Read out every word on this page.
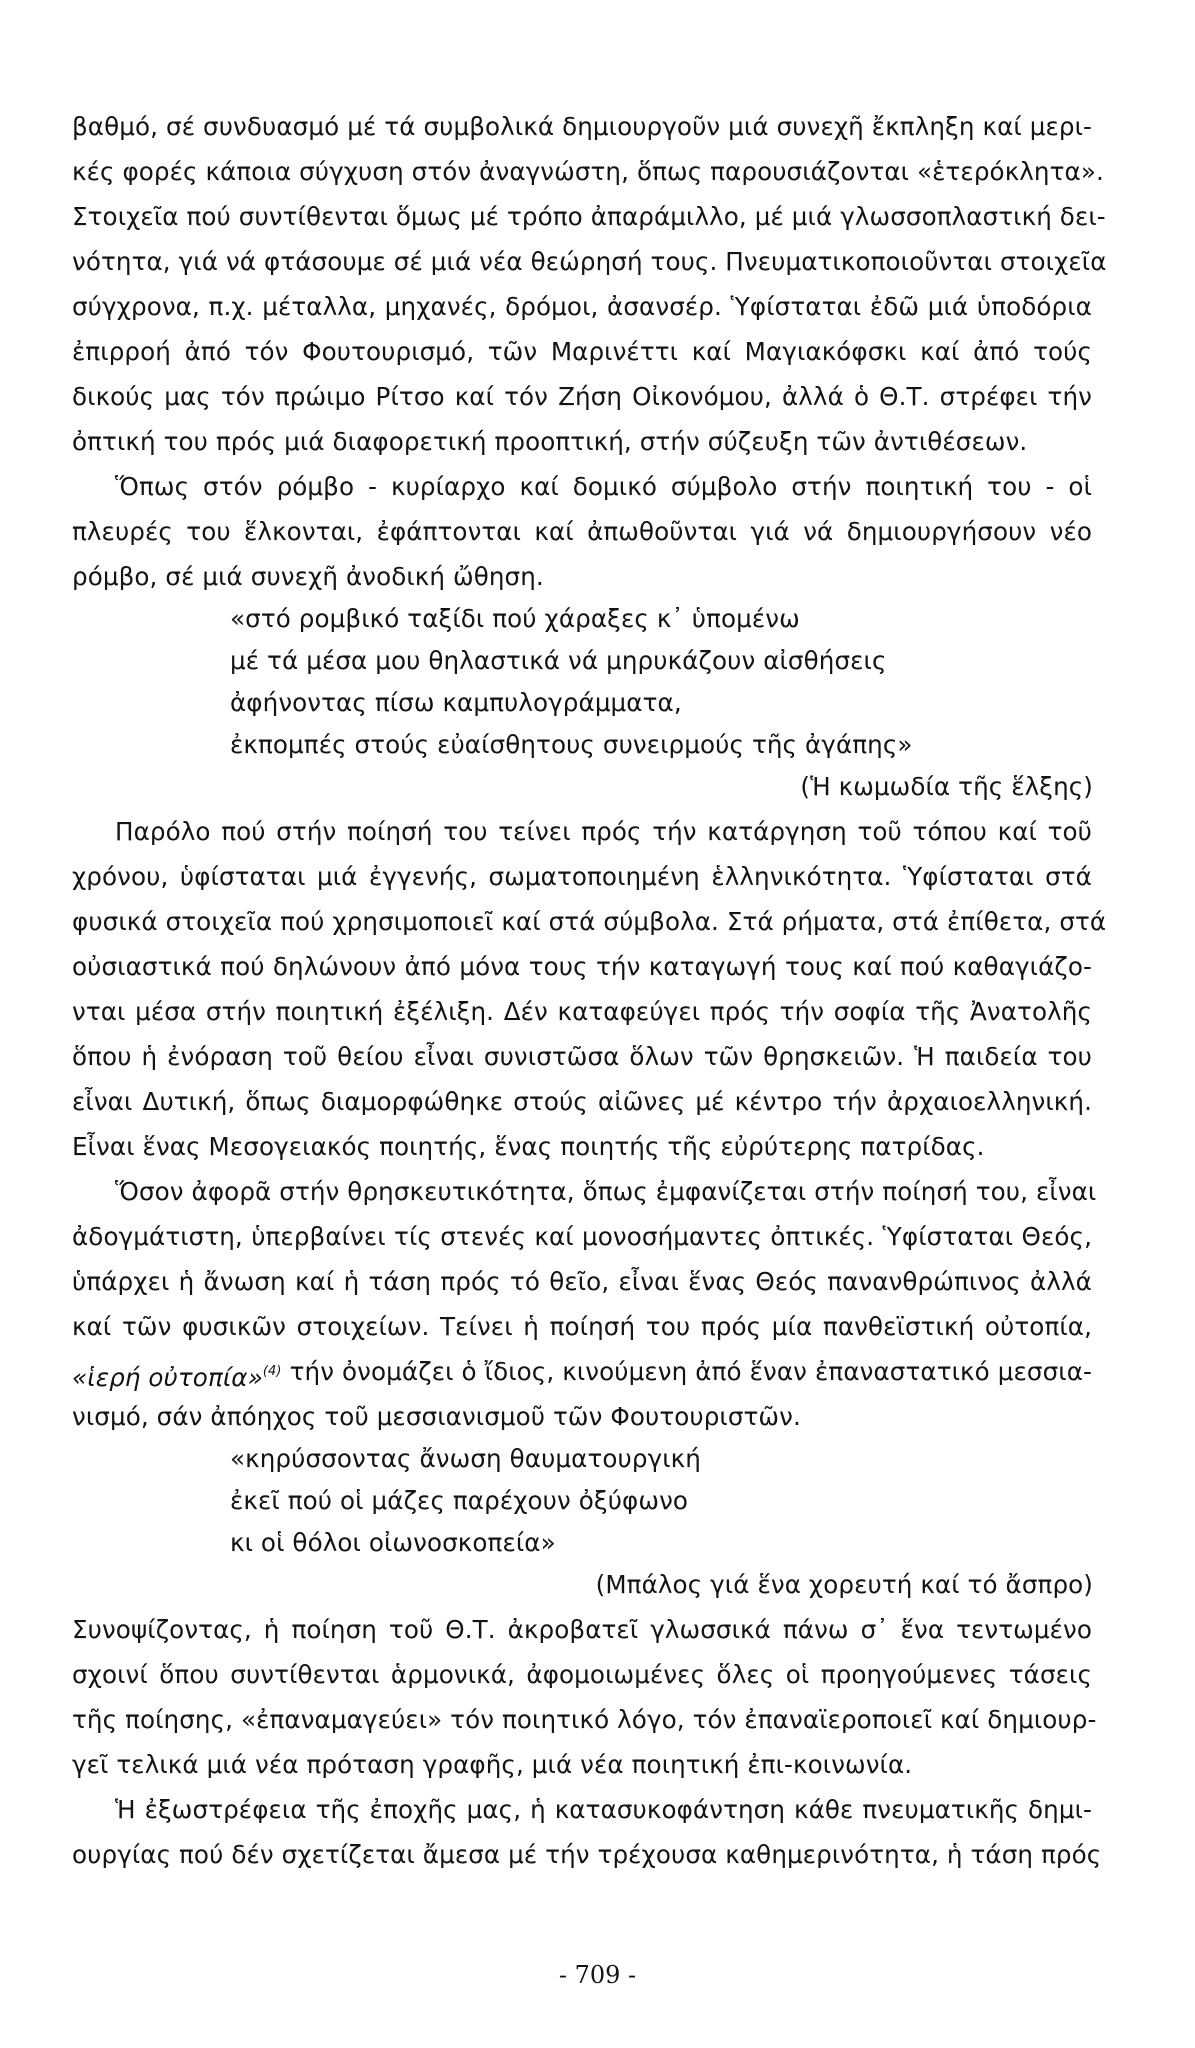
βαθμό, σέ συνδυασμό μέ τά συμβολικά δημιουργοῦν μιά συνεχῆ ἔκπληξη καί μερι-
κές φορές κάποια σύγχυση στόν ἀναγνώστη, ὅπως παρουσιάζονται «ἑτερόκλητα».
Στοιχεῖα πού συντίθενται ὅμως μέ τρόπο ἀπαράμιλλο, μέ μιά γλωσσοπλαστική δει-
νότητα, γιά νά φτάσουμε σέ μιά νέα θεώρησή τους. Πνευματικοποιοῦνται στοιχεῖα
σύγχρονα, π.χ. μέταλλα, μηχανές, δρόμοι, ἀσανσέρ. Ὑφίσταται ἐδῶ μιά ὑποδόρια
ἐπιρροή ἀπό τόν Φουτουρισμό, τῶν Μαρινέττι καί Μαγιακόφσκι καί ἀπό τούς
δικούς μας τόν πρώιμο Ρίτσο καί τόν Ζήση Οἰκονόμου, ἀλλά ὁ Θ.Τ. στρέφει τήν
ὀπτική του πρός μιά διαφορετική προοπτική, στήν σύζευξη τῶν ἀντιθέσεων.
Ὅπως στόν ρόμβο - κυρίαρχο καί δομικό σύμβολο στήν ποιητική του - οἱ
πλευρές του ἕλκονται, ἐφάπτονται καί ἀπωθοῦνται γιά νά δημιουργήσουν νέο
ρόμβο, σέ μιά συνεχῆ ἀνοδική ὤθηση.
«στό ρομβικό ταξίδι πού χάραξες κ᾽ ὑπομένω
μέ τά μέσα μου θηλαστικά νά μηρυκάζουν αἰσθήσεις
ἀφήνοντας πίσω καμπυλογράμματα,
ἐκπομπές στούς εὐαίσθητους συνειρμούς τῆς ἀγάπης»
(Ἡ κωμωδία τῆς ἕλξης)
Παρόλο πού στήν ποίησή του τείνει πρός τήν κατάργηση τοῦ τόπου καί τοῦ
χρόνου, ὑφίσταται μιά ἐγγενής, σωματοποιημένη ἑλληνικότητα. Ὑφίσταται στά
φυσικά στοιχεῖα πού χρησιμοποιεῖ καί στά σύμβολα. Στά ρήματα, στά ἐπίθετα, στά
οὐσιαστικά πού δηλώνουν ἀπό μόνα τους τήν καταγωγή τους καί πού καθαγιάζο-
νται μέσα στήν ποιητική ἐξέλιξη. Δέν καταφεύγει πρός τήν σοφία τῆς Ἀνατολῆς
ὅπου ἡ ἐνόραση τοῦ θείου εἶναι συνιστῶσα ὅλων τῶν θρησκειῶν. Ἡ παιδεία του
εἶναι Δυτική, ὅπως διαμορφώθηκε στούς αἰῶνες μέ κέντρο τήν ἀρχαιοελληνική.
Εἶναι ἕνας Μεσογειακός ποιητής, ἕνας ποιητής τῆς εὐρύτερης πατρίδας.
Ὅσον ἀφορᾶ στήν θρησκευτικότητα, ὅπως ἐμφανίζεται στήν ποίησή του, εἶναι
ἀδογμάτιστη, ὑπερβαίνει τίς στενές καί μονοσήμαντες ὀπτικές. Ὑφίσταται Θεός,
ὑπάρχει ἡ ἄνωση καί ἡ τάση πρός τό θεῖο, εἶναι ἕνας Θεός πανανθρώπινος ἀλλά
καί τῶν φυσικῶν στοιχείων. Τείνει ἡ ποίησή του πρός μία πανθεϊστική οὐτοπία,
«ἱερή οὐτοπία»$^{(4)}$ τήν ὀνομάζει ὁ ἴδιος, κινούμενη ἀπό ἕναν ἐπαναστατικό μεσσια-
νισμό, σάν ἀπόηχος τοῦ μεσσιανισμοῦ τῶν Φουτουριστῶν.
«κηρύσσοντας ἄνωση θαυματουργική
ἐκεῖ πού οἱ μάζες παρέχουν ὀξύφωνο
κι οἱ θόλοι οἰωνοσκοπεία»
(Μπάλος γιά ἕνα χορευτή καί τό ἄσπρο)
Συνοψίζοντας, ἡ ποίηση τοῦ Θ.Τ. ἀκροβατεῖ γλωσσικά πάνω σ᾽ ἕνα τεντωμένο
σχοινί ὅπου συντίθενται ἁρμονικά, ἀφομοιωμένες ὅλες οἱ προηγούμενες τάσεις
τῆς ποίησης, «ἐπαναμαγεύει» τόν ποιητικό λόγο, τόν ἐπαναϊεροποιεῖ καί δημιουρ-
γεῖ τελικά μιά νέα πρόταση γραφῆς, μιά νέα ποιητική ἐπι-κοινωνία.
Ἡ ἐξωστρέφεια τῆς ἐποχῆς μας, ἡ κατασυκοφάντηση κάθε πνευματικῆς δημι-
ουργίας πού δέν σχετίζεται ἄμεσα μέ τήν τρέχουσα καθημερινότητα, ἡ τάση πρός
- 709 -
